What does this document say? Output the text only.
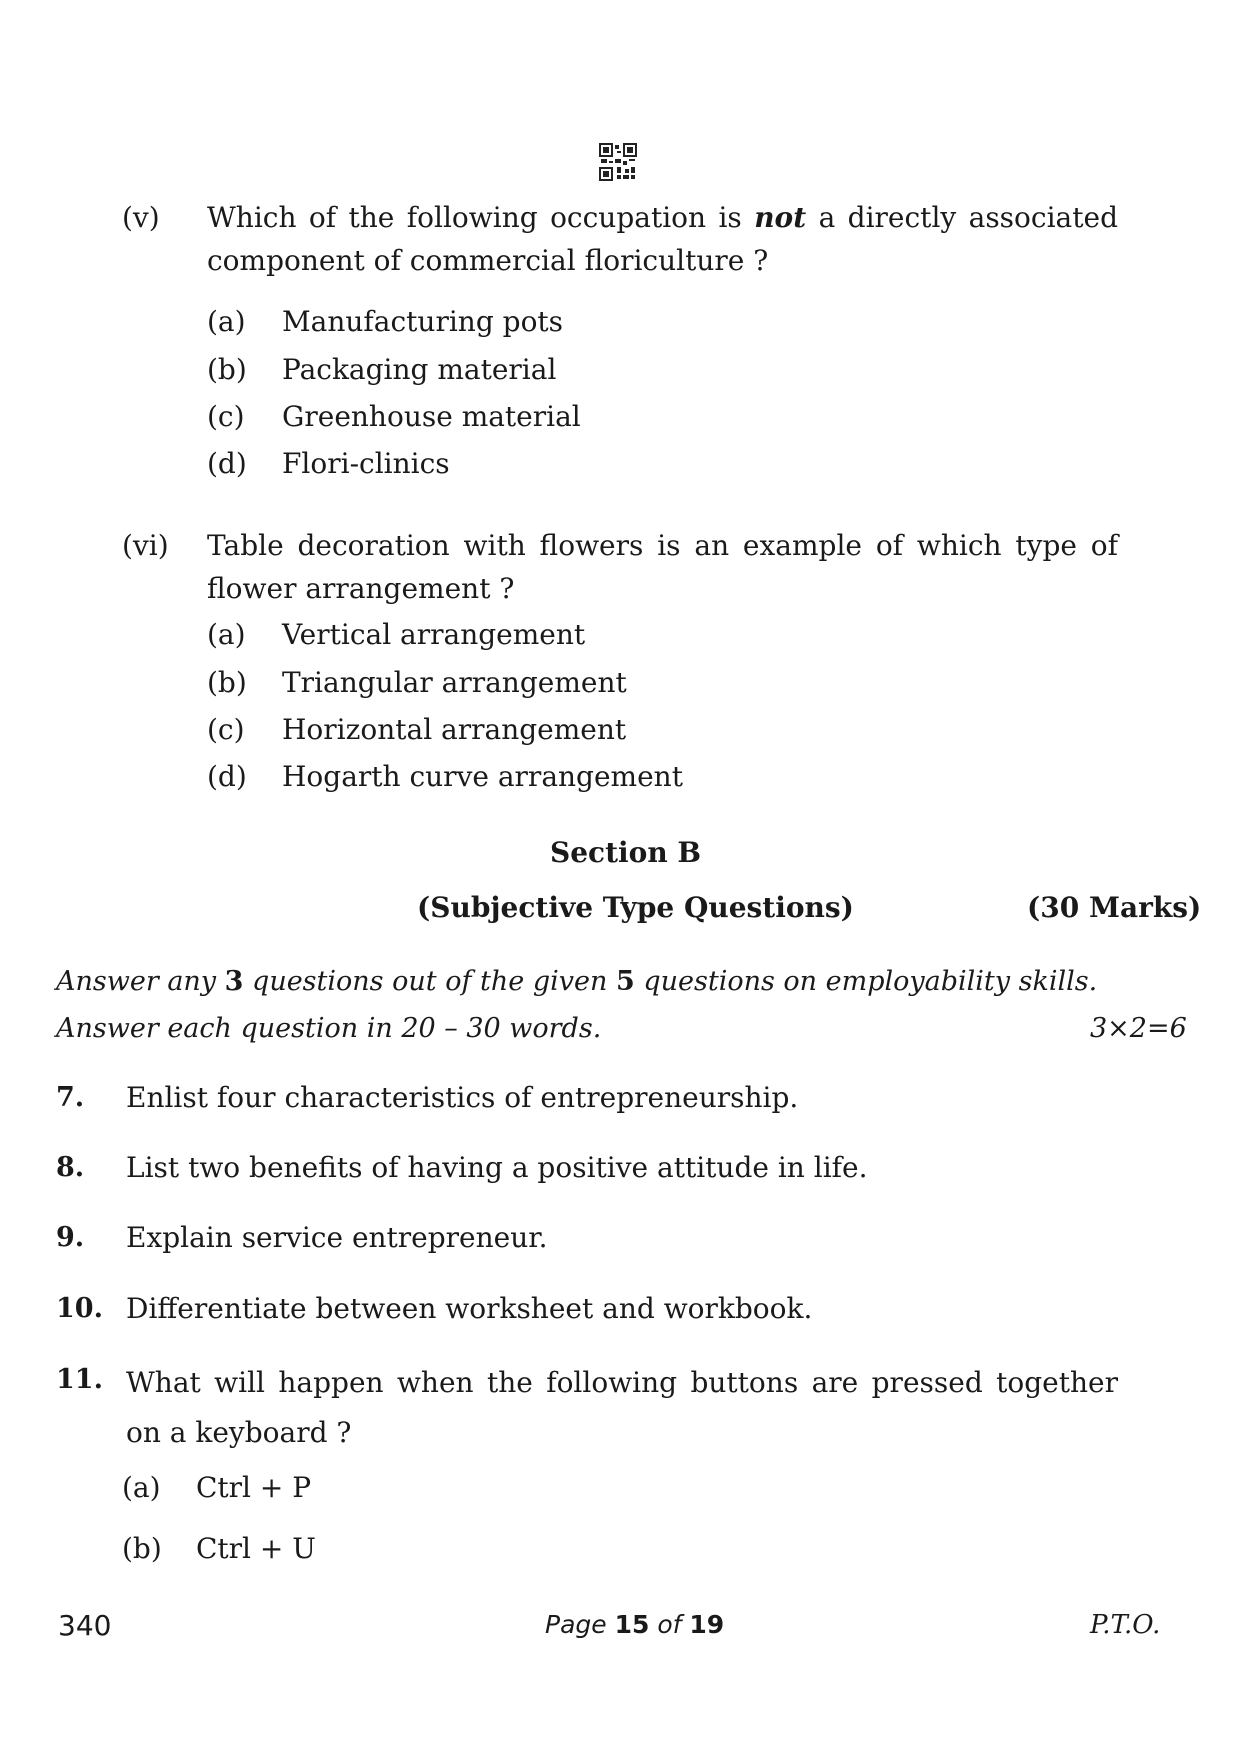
(v) Which of the following occupation is not a directly associated component of commercial floriculture ?
(a) Manufacturing pots
(b) Packaging material
(c) Greenhouse material
(d) Flori-clinics
(vi) Table decoration with flowers is an example of which type of flower arrangement ?
(a) Vertical arrangement
(b) Triangular arrangement
(c) Horizontal arrangement
(d) Hogarth curve arrangement
Section B
(Subjective Type Questions)	(30 Marks)
Answer any 3 questions out of the given 5 questions on employability skills.
Answer each question in 20 – 30 words.	3×2=6
7. Enlist four characteristics of entrepreneurship.
8. List two benefits of having a positive attitude in life.
9. Explain service entrepreneur.
10. Differentiate between worksheet and workbook.
11. What will happen when the following buttons are pressed together on a keyboard ?
(a) Ctrl + P
(b) Ctrl + U
340	Page 15 of 19	P.T.O.
